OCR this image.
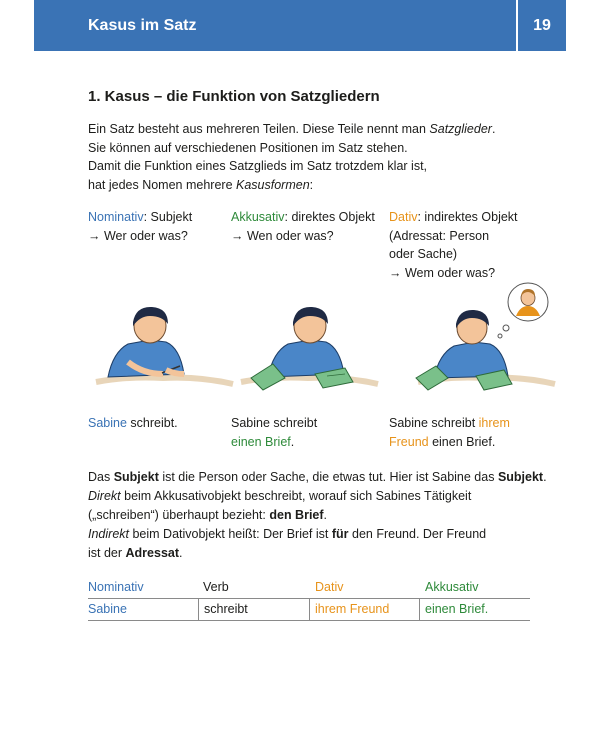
Kasus im Satz	19
1. Kasus – die Funktion von Satzgliedern

Ein Satz besteht aus mehreren Teilen. Diese Teile nennt man Satzglieder.

Sie können auf verschiedenen Positionen im Satz stehen.

Damit die Funktion eines Satzglieds im Satz trotzdem klar ist,

hat jedes Nomen mehrere Kasusformen:

Nominativ: Subjekt
→ Wer oder was?
Akkusativ: direktes Objekt
→ Wen oder was?
Dativ: indirektes Objekt
(Adressat: Person
oder Sache)
→ Wem oder was?
Sabine schreibt.	Sabine schreibt
einen Brief.
Sabine schreibt ihrem
Freund einen Brief.

Das Subjekt ist die Person oder Sache, die etwas tut. Hier ist Sabine das Subjekt.

Direkt beim Akkusativobjekt beschreibt, worauf sich Sabines Tätigkeit

(„schreiben“) überhaupt bezieht: den Brief.

Indirekt beim Dativobjekt heißt: Der Brief ist für den Freund. Der Freund

ist der Adressat.

Nominativ	Verb	Dativ	Akkusativ
Sabine	schreibt	ihrem Freund	einen Brief.
